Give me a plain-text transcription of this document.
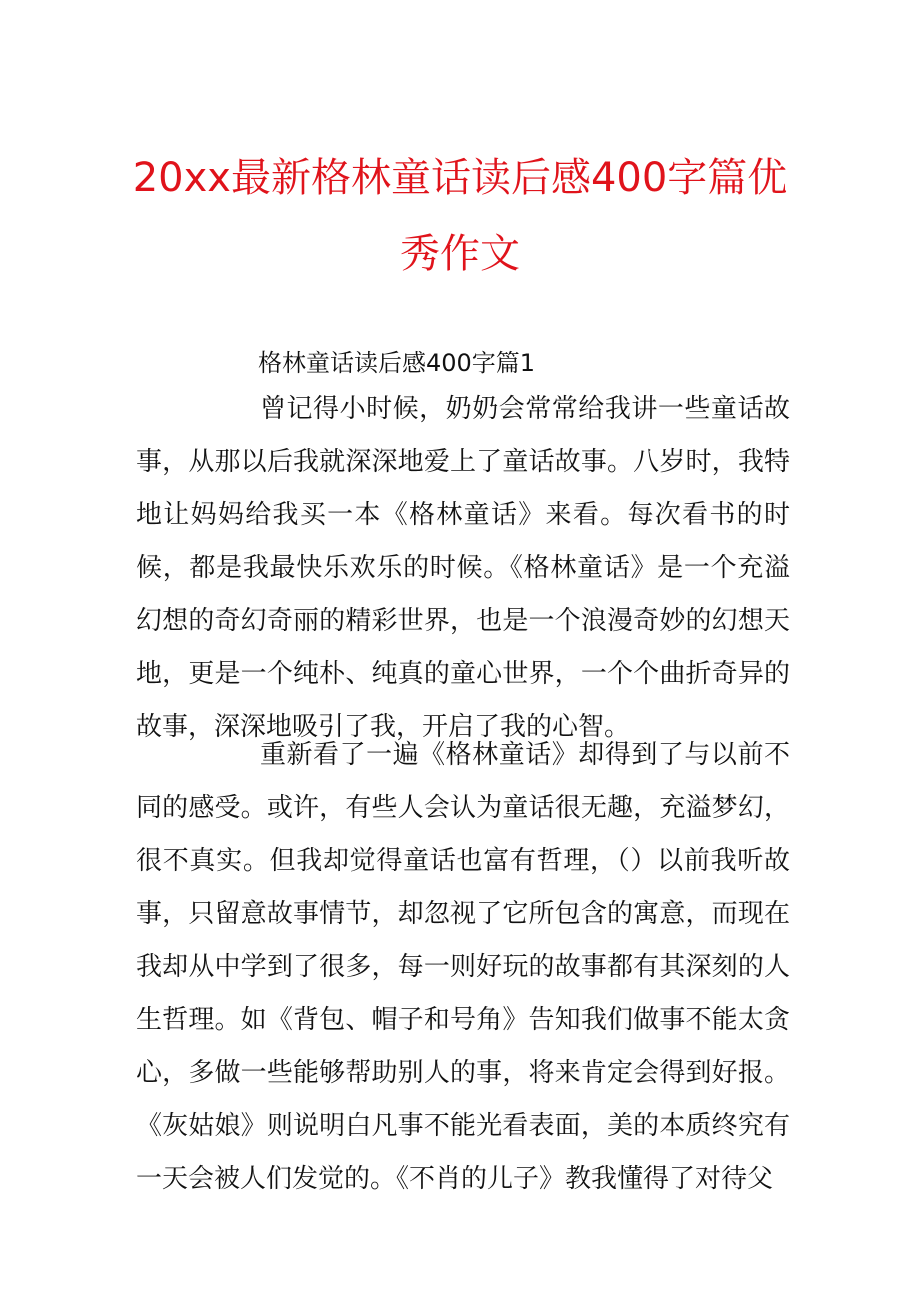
20xx最新格林童话读后感400字篇优
秀作文
格林童话读后感400字篇1

曾记得小时候，奶奶会常常给我讲一些童话故事，从那以后我就深深地爱上了童话故事。八岁时，我特地让妈妈给我买一本《格林童话》来看。每次看书的时候，都是我最快乐欢乐的时候。《格林童话》是一个充溢幻想的奇幻奇丽的精彩世界，也是一个浪漫奇妙的幻想天地，更是一个纯朴、纯真的童心世界，一个个曲折奇异的故事，深深地吸引了我，开启了我的心智。

重新看了一遍《格林童话》却得到了与以前不同的感受。或许，有些人会认为童话很无趣，充溢梦幻，很不真实。但我却觉得童话也富有哲理，（）以前我听故事，只留意故事情节，却忽视了它所包含的寓意，而现在我却从中学到了很多，每一则好玩的故事都有其深刻的人生哲理。如《背包、帽子和号角》告知我们做事不能太贪心，多做一些能够帮助别人的事，将来肯定会得到好报。《灰姑娘》则说明白凡事不能光看表面，美的本质终究有一天会被人们发觉的。《不肖的儿子》教我懂得了对待父
